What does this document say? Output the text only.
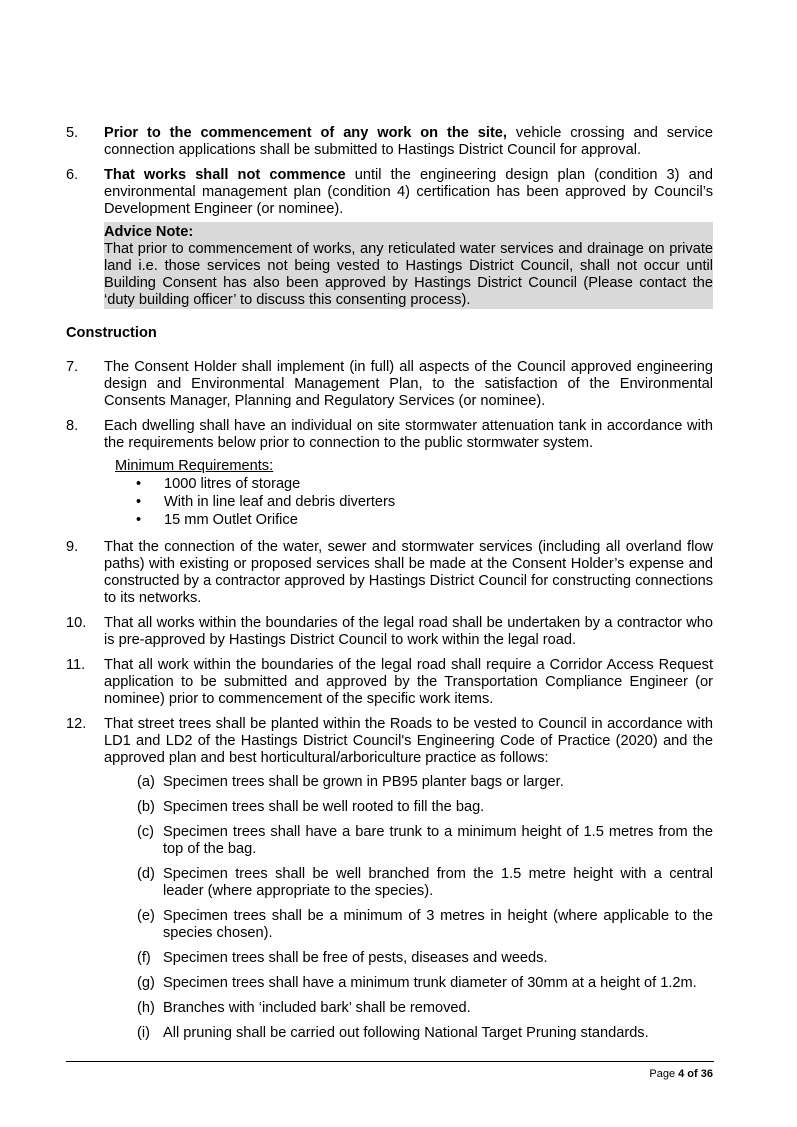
5.	Prior to the commencement of any work on the site, vehicle crossing and service connection applications shall be submitted to Hastings District Council for approval.
6.	That works shall not commence until the engineering design plan (condition 3) and environmental management plan (condition 4) certification has been approved by Council’s Development Engineer (or nominee).
Advice Note:
That prior to commencement of works, any reticulated water services and drainage on private land i.e. those services not being vested to Hastings District Council, shall not occur until Building Consent has also been approved by Hastings District Council (Please contact the ‘duty building officer’ to discuss this consenting process).
Construction
7.	The Consent Holder shall implement (in full) all aspects of the Council approved engineering design and Environmental Management Plan, to the satisfaction of the Environmental Consents Manager, Planning and Regulatory Services (or nominee).
8.	Each dwelling shall have an individual on site stormwater attenuation tank in accordance with the requirements below prior to connection to the public stormwater system.
Minimum Requirements:
• 1000 litres of storage
• With in line leaf and debris diverters
• 15 mm Outlet Orifice
9.	That the connection of the water, sewer and stormwater services (including all overland flow paths) with existing or proposed services shall be made at the Consent Holder’s expense and constructed by a contractor approved by Hastings District Council for constructing connections to its networks.
10.	That all works within the boundaries of the legal road shall be undertaken by a contractor who is pre-approved by Hastings District Council to work within the legal road.
11.	That all work within the boundaries of the legal road shall require a Corridor Access Request application to be submitted and approved by the Transportation Compliance Engineer (or nominee) prior to commencement of the specific work items.
12.	That street trees shall be planted within the Roads to be vested to Council in accordance with LD1 and LD2 of the Hastings District Council's Engineering Code of Practice (2020) and the approved plan and best horticultural/arboriculture practice as follows:
(a) Specimen trees shall be grown in PB95 planter bags or larger.
(b) Specimen trees shall be well rooted to fill the bag.
(c) Specimen trees shall have a bare trunk to a minimum height of 1.5 metres from the top of the bag.
(d) Specimen trees shall be well branched from the 1.5 metre height with a central leader (where appropriate to the species).
(e) Specimen trees shall be a minimum of 3 metres in height (where applicable to the species chosen).
(f) Specimen trees shall be free of pests, diseases and weeds.
(g) Specimen trees shall have a minimum trunk diameter of 30mm at a height of 1.2m.
(h) Branches with ‘included bark’ shall be removed.
(i) All pruning shall be carried out following National Target Pruning standards.
Page 4 of 36
